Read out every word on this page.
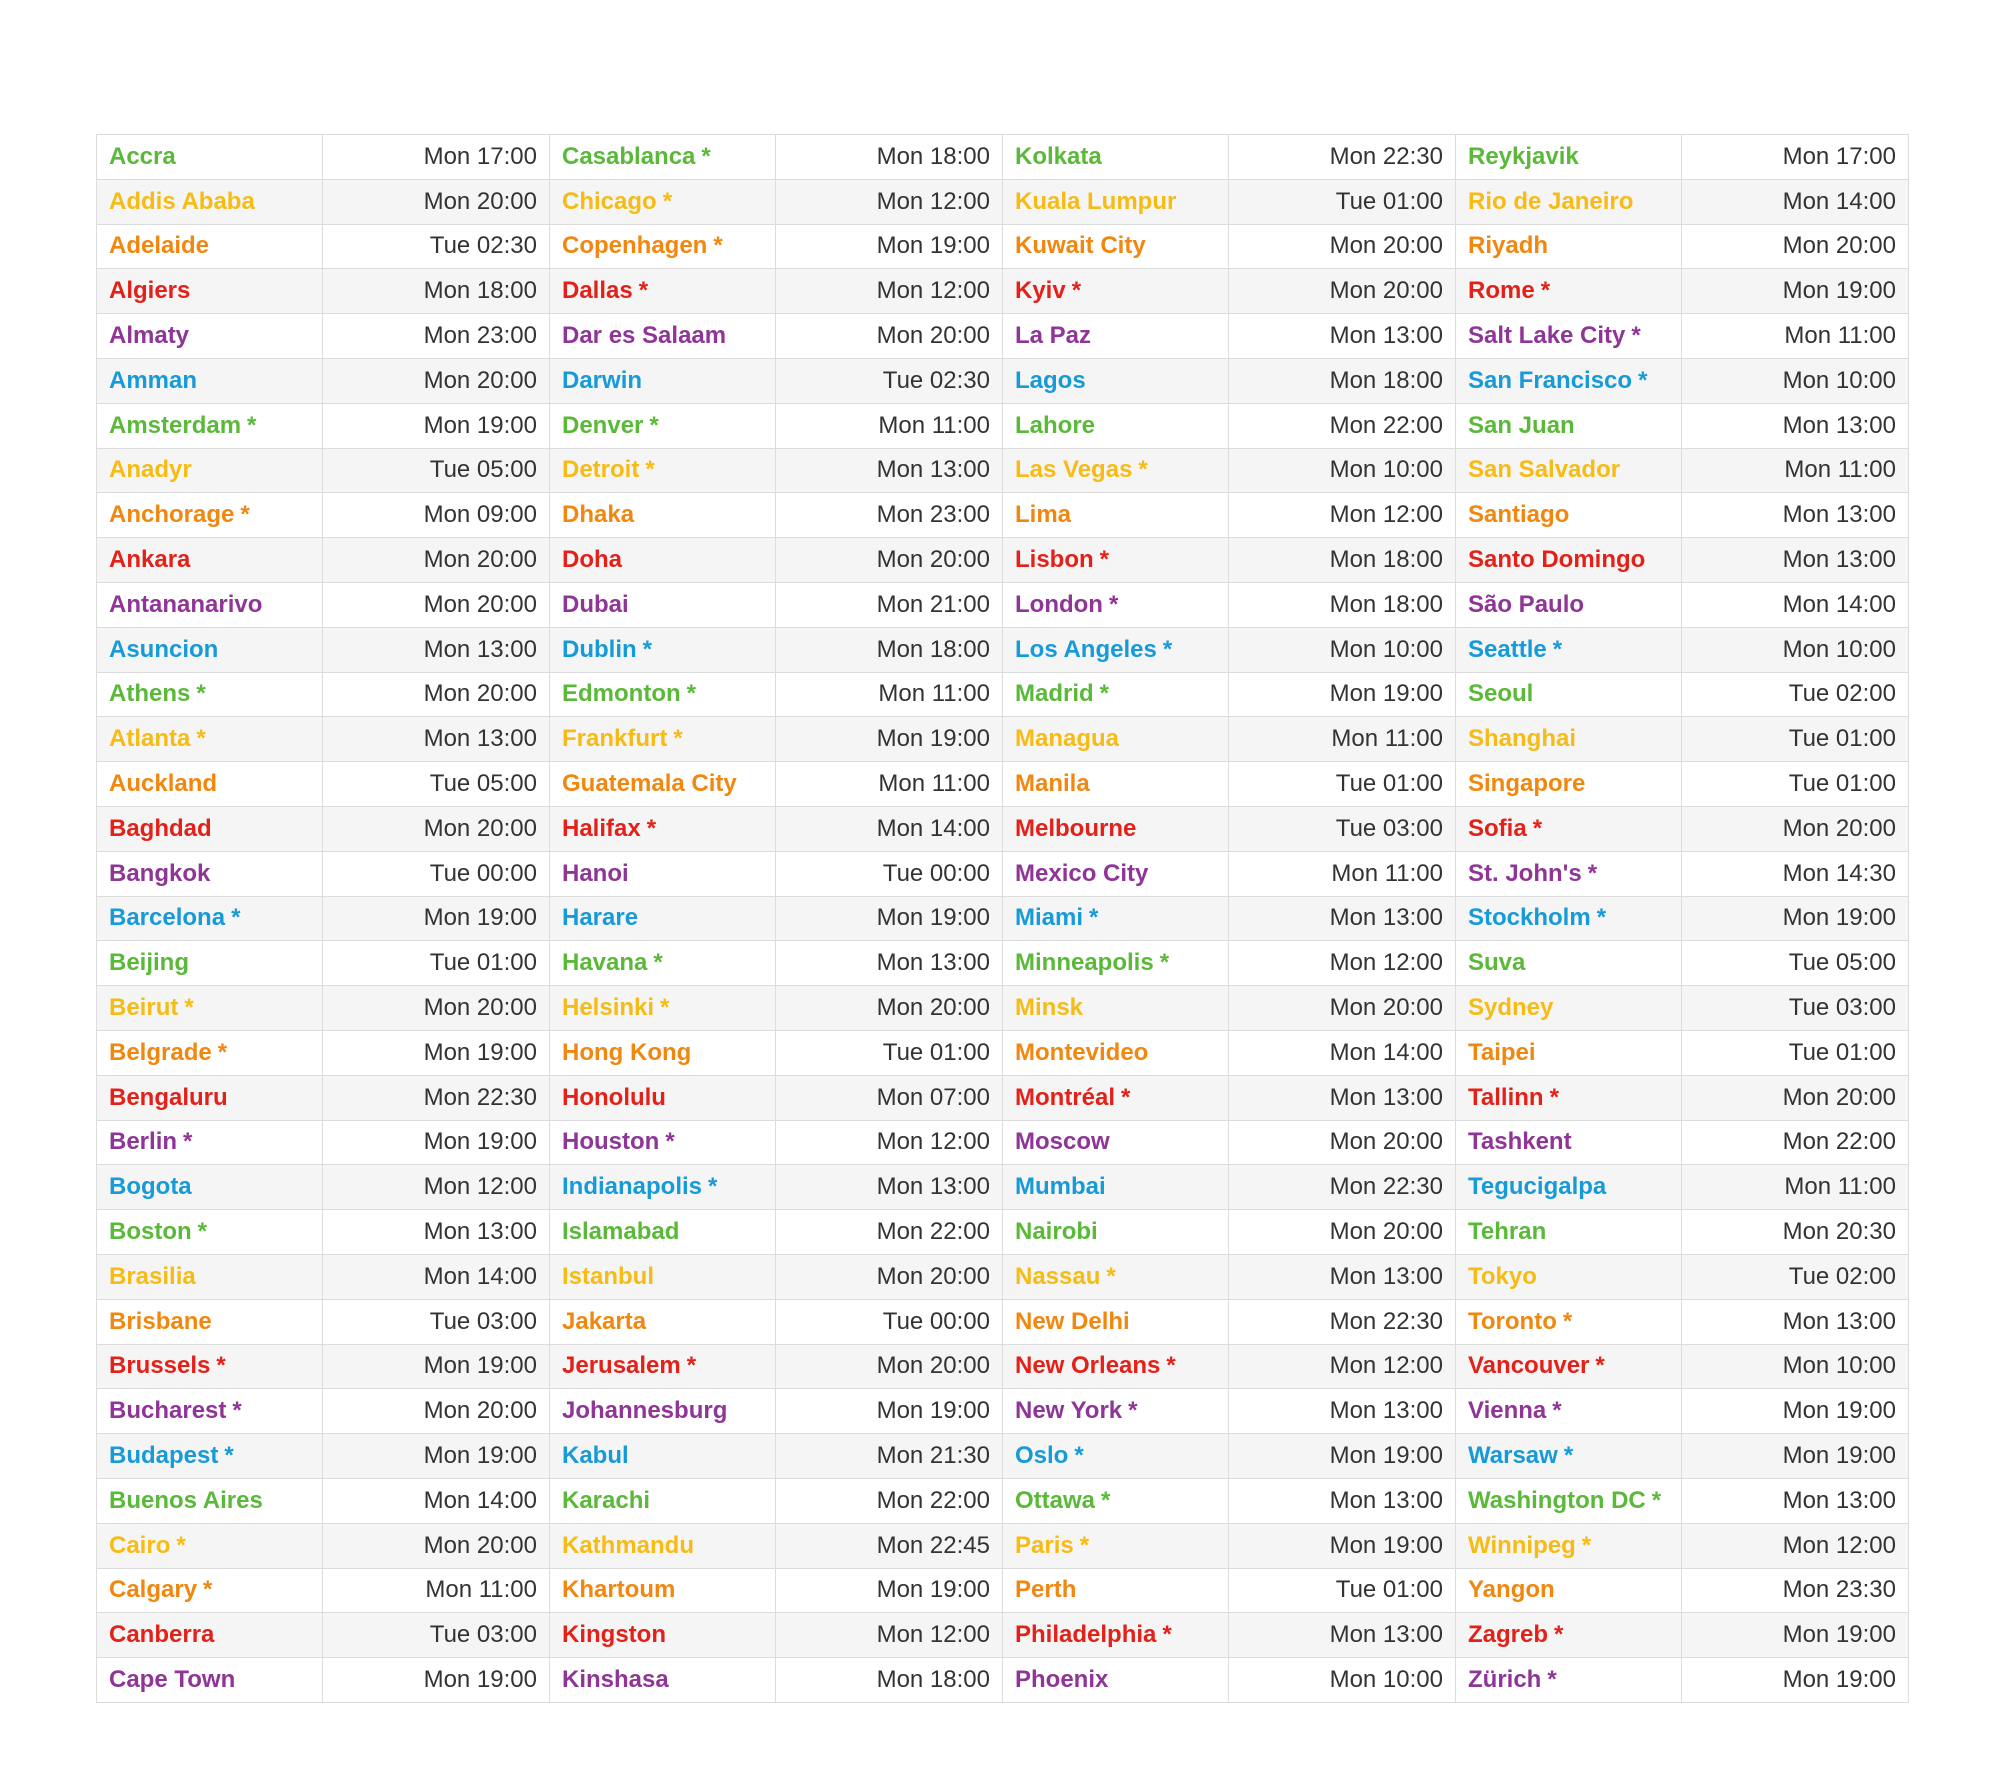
Accra	Mon 17:00	Casablanca *	Mon 18:00	Kolkata	Mon 22:30	Reykjavik	Mon 17:00
Addis Ababa	Mon 20:00	Chicago *	Mon 12:00	Kuala Lumpur	Tue 01:00	Rio de Janeiro	Mon 14:00
Adelaide	Tue 02:30	Copenhagen *	Mon 19:00	Kuwait City	Mon 20:00	Riyadh	Mon 20:00
Algiers	Mon 18:00	Dallas *	Mon 12:00	Kyiv *	Mon 20:00	Rome *	Mon 19:00
Almaty	Mon 23:00	Dar es Salaam	Mon 20:00	La Paz	Mon 13:00	Salt Lake City *	Mon 11:00
Amman	Mon 20:00	Darwin	Tue 02:30	Lagos	Mon 18:00	San Francisco *	Mon 10:00
Amsterdam *	Mon 19:00	Denver *	Mon 11:00	Lahore	Mon 22:00	San Juan	Mon 13:00
Anadyr	Tue 05:00	Detroit *	Mon 13:00	Las Vegas *	Mon 10:00	San Salvador	Mon 11:00
Anchorage *	Mon 09:00	Dhaka	Mon 23:00	Lima	Mon 12:00	Santiago	Mon 13:00
Ankara	Mon 20:00	Doha	Mon 20:00	Lisbon *	Mon 18:00	Santo Domingo	Mon 13:00
Antananarivo	Mon 20:00	Dubai	Mon 21:00	London *	Mon 18:00	São Paulo	Mon 14:00
Asuncion	Mon 13:00	Dublin *	Mon 18:00	Los Angeles *	Mon 10:00	Seattle *	Mon 10:00
Athens *	Mon 20:00	Edmonton *	Mon 11:00	Madrid *	Mon 19:00	Seoul	Tue 02:00
Atlanta *	Mon 13:00	Frankfurt *	Mon 19:00	Managua	Mon 11:00	Shanghai	Tue 01:00
Auckland	Tue 05:00	Guatemala City	Mon 11:00	Manila	Tue 01:00	Singapore	Tue 01:00
Baghdad	Mon 20:00	Halifax *	Mon 14:00	Melbourne	Tue 03:00	Sofia *	Mon 20:00
Bangkok	Tue 00:00	Hanoi	Tue 00:00	Mexico City	Mon 11:00	St. John's *	Mon 14:30
Barcelona *	Mon 19:00	Harare	Mon 19:00	Miami *	Mon 13:00	Stockholm *	Mon 19:00
Beijing	Tue 01:00	Havana *	Mon 13:00	Minneapolis *	Mon 12:00	Suva	Tue 05:00
Beirut *	Mon 20:00	Helsinki *	Mon 20:00	Minsk	Mon 20:00	Sydney	Tue 03:00
Belgrade *	Mon 19:00	Hong Kong	Tue 01:00	Montevideo	Mon 14:00	Taipei	Tue 01:00
Bengaluru	Mon 22:30	Honolulu	Mon 07:00	Montréal *	Mon 13:00	Tallinn *	Mon 20:00
Berlin *	Mon 19:00	Houston *	Mon 12:00	Moscow	Mon 20:00	Tashkent	Mon 22:00
Bogota	Mon 12:00	Indianapolis *	Mon 13:00	Mumbai	Mon 22:30	Tegucigalpa	Mon 11:00
Boston *	Mon 13:00	Islamabad	Mon 22:00	Nairobi	Mon 20:00	Tehran	Mon 20:30
Brasilia	Mon 14:00	Istanbul	Mon 20:00	Nassau *	Mon 13:00	Tokyo	Tue 02:00
Brisbane	Tue 03:00	Jakarta	Tue 00:00	New Delhi	Mon 22:30	Toronto *	Mon 13:00
Brussels *	Mon 19:00	Jerusalem *	Mon 20:00	New Orleans *	Mon 12:00	Vancouver *	Mon 10:00
Bucharest *	Mon 20:00	Johannesburg	Mon 19:00	New York *	Mon 13:00	Vienna *	Mon 19:00
Budapest *	Mon 19:00	Kabul	Mon 21:30	Oslo *	Mon 19:00	Warsaw *	Mon 19:00
Buenos Aires	Mon 14:00	Karachi	Mon 22:00	Ottawa *	Mon 13:00	Washington DC *	Mon 13:00
Cairo *	Mon 20:00	Kathmandu	Mon 22:45	Paris *	Mon 19:00	Winnipeg *	Mon 12:00
Calgary *	Mon 11:00	Khartoum	Mon 19:00	Perth	Tue 01:00	Yangon	Mon 23:30
Canberra	Tue 03:00	Kingston	Mon 12:00	Philadelphia *	Mon 13:00	Zagreb *	Mon 19:00
Cape Town	Mon 19:00	Kinshasa	Mon 18:00	Phoenix	Mon 10:00	Zürich *	Mon 19:00
